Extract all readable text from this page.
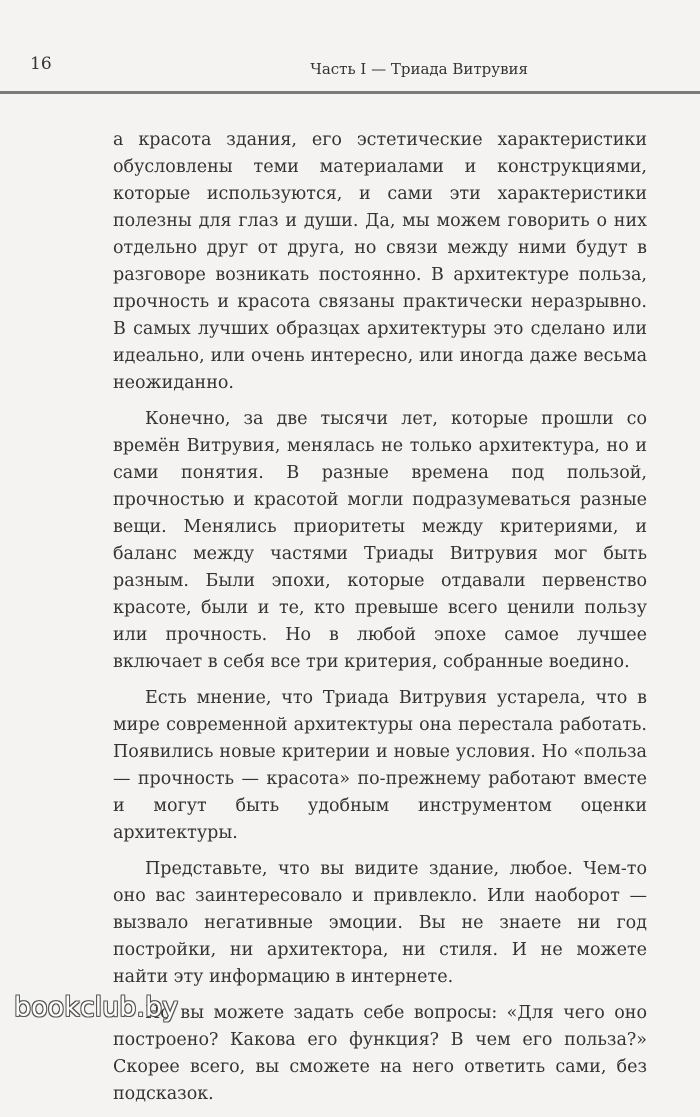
16	Часть I — Триада Витрувия

а красота здания, его эстетические характеристики обусловлены теми материалами и конструкциями, которые используются, и сами эти характеристики полезны для глаз и души. Да, мы можем говорить о них отдельно друг от друга, но связи между ними будут в разговоре возникать постоянно. В архитектуре польза, прочность и красота связаны практически неразрывно. В самых лучших образцах архитектуры это сделано или идеально, или очень интересно, или иногда даже весьма неожиданно.

Конечно, за две тысячи лет, которые прошли со времён Витрувия, менялась не только архитектура, но и сами понятия. В разные времена под пользой, прочностью и красотой могли подразумеваться разные вещи. Менялись приоритеты между критериями, и баланс между частями Триады Витрувия мог быть разным. Были эпохи, которые отдавали первенство красоте, были и те, кто превыше всего ценили пользу или прочность. Но в любой эпохе самое лучшее включает в себя все три критерия, собранные воедино.

Есть мнение, что Триада Витрувия устарела, что в мире современной архитектуры она перестала работать. Появились новые критерии и новые условия. Но «польза — прочность — красота» по-прежнему работают вместе и могут быть удобным инструментом оценки архитектуры.

Представьте, что вы видите здание, любое. Чем-то оно вас заинтересовало и привлекло. Или наоборот — вызвало негативные эмоции. Вы не знаете ни год постройки, ни архитектора, ни стиля. И не можете найти эту информацию в интернете.

Но вы можете задать себе вопросы: «Для чего оно построено? Какова его функция? В чем его польза?» Скорее всего, вы сможете на него ответить сами, без подсказок.

bookclub.by
